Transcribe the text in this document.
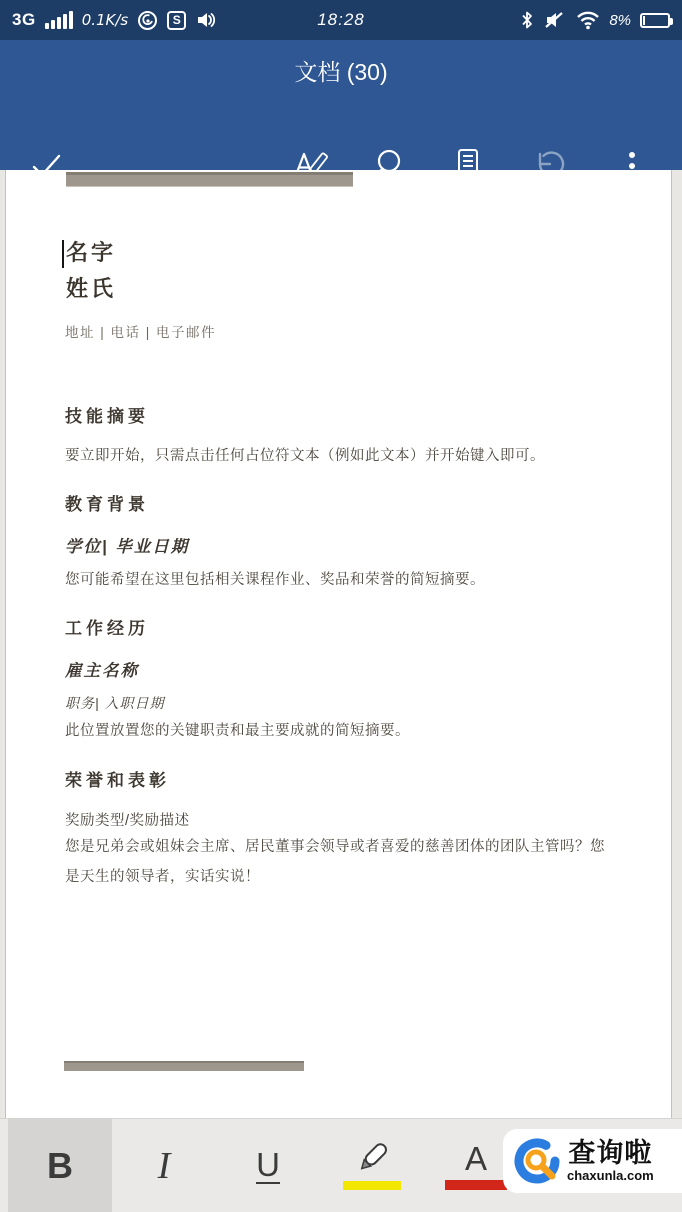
3G	0.1K/s	S	18:28	8%
文档 (30)
名字
姓氏
地址 | 电话 | 电子邮件
技能摘要
要立即开始，只需点击任何占位符文本（例如此文本）并开始键入即可。
教育背景
学位| 毕业日期
您可能希望在这里包括相关课程作业、奖品和荣誉的简短摘要。
工作经历
雇主名称
职务| 入职日期
此位置放置您的关键职责和最主要成就的简短摘要。
荣誉和表彰
奖励类型/奖励描述
您是兄弟会或姐妹会主席、居民董事会领导或者喜爱的慈善团体的团队主管吗？您是天生的领导者，实话实说！
B I	U	A	查询啦
chaxunla.com
